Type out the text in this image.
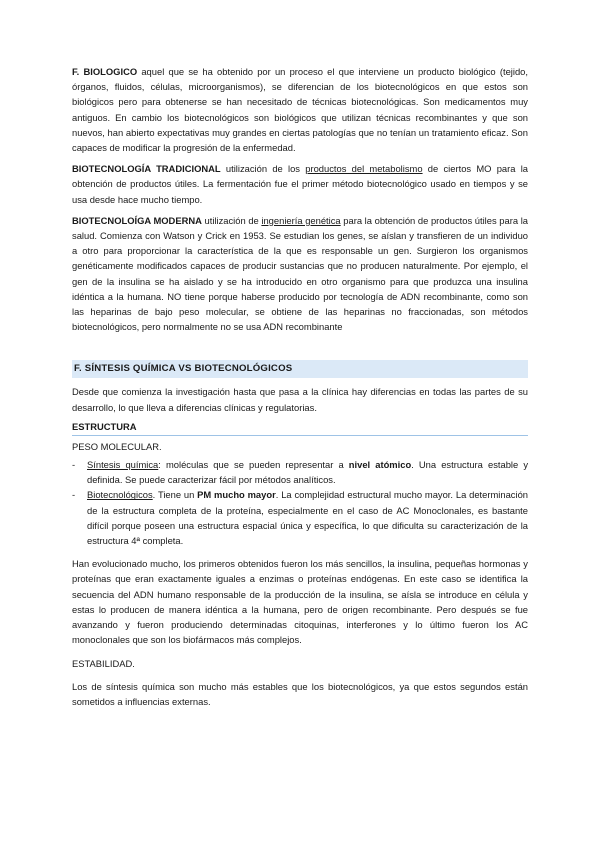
F. BIOLOGICO aquel que se ha obtenido por un proceso el que interviene un producto biológico (tejido, órganos, fluidos, células, microorganismos), se diferencian de los biotecnológicos en que estos son biológicos pero para obtenerse se han necesitado de técnicas biotecnológicas. Son medicamentos muy antiguos. En cambio los biotecnológicos son biológicos que utilizan técnicas recombinantes y que son nuevos, han abierto expectativas muy grandes en ciertas patologías que no tenían un tratamiento eficaz. Son capaces de modificar la progresión de la enfermedad.

BIOTECNOLOGÍA TRADICIONAL utilización de los productos del metabolismo de ciertos MO para la obtención de productos útiles. La fermentación fue el primer método biotecnológico usado en tiempos y se usa desde hace mucho tiempo.

BIOTECNOLOÍGA MODERNA utilización de ingeniería genética para la obtención de productos útiles para la salud. Comienza con Watson y Crick en 1953. Se estudian los genes, se aíslan y transfieren de un individuo a otro para proporcionar la característica de la que es responsable un gen. Surgieron los organismos genéticamente modificados capaces de producir sustancias que no producen naturalmente. Por ejemplo, el gen de la insulina se ha aislado y se ha introducido en otro organismo para que produzca una insulina idéntica a la humana. NO tiene porque haberse producido por tecnología de ADN recombinante, como son las heparinas de bajo peso molecular, se obtiene de las heparinas no fraccionadas, son métodos biotecnológicos, pero normalmente no se usa ADN recombinante

F. SÍNTESIS QUÍMICA VS BIOTECNOLÓGICOS

Desde que comienza la investigación hasta que pasa a la clínica hay diferencias en todas las partes de su desarrollo, lo que lleva a diferencias clínicas y regulatorias.

ESTRUCTURA

PESO MOLECULAR.

- Síntesis química: moléculas que se pueden representar a nivel atómico. Una estructura estable y definida. Se puede caracterizar fácil por métodos analíticos.
- Biotecnológicos. Tiene un PM mucho mayor. La complejidad estructural mucho mayor. La determinación de la estructura completa de la proteína, especialmente en el caso de AC Monoclonales, es bastante difícil porque poseen una estructura espacial única y específica, lo que dificulta su caracterización de la estructura 4ª completa.

Han evolucionado mucho, los primeros obtenidos fueron los más sencillos, la insulina, pequeñas hormonas y proteínas que eran exactamente iguales a enzimas o proteínas endógenas. En este caso se identifica la secuencia del ADN humano responsable de la producción de la insulina, se aísla se introduce en célula y estas lo producen de manera idéntica a la humana, pero de origen recombinante. Pero después se fue avanzando y fueron produciendo determinadas citoquinas, interferones y lo último fueron los AC monoclonales que son los biofármacos más complejos.

ESTABILIDAD.

Los de síntesis química son mucho más estables que los biotecnológicos, ya que estos segundos están sometidos a influencias externas.
